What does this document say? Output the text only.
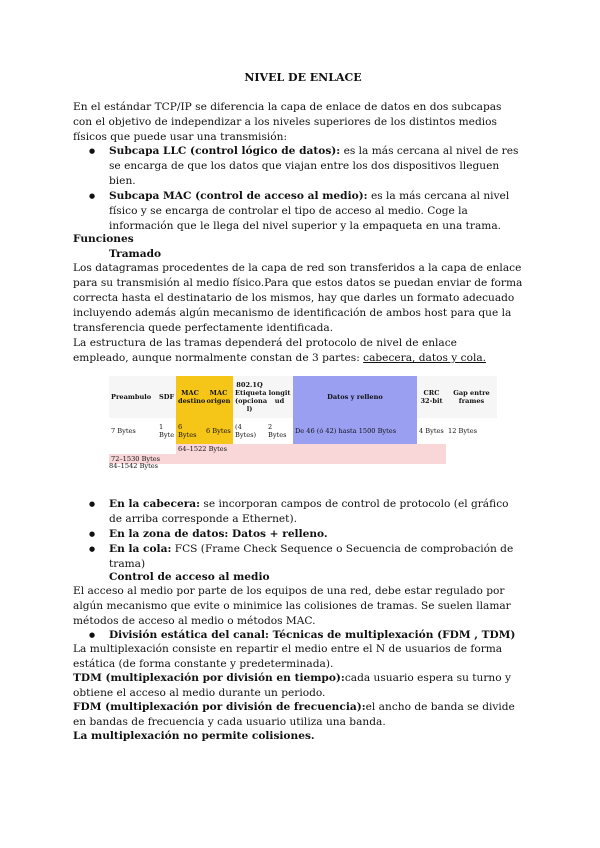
NIVEL DE ENLACE

En el estándar TCP/IP se diferencia la capa de enlace de datos en dos subcapas con el objetivo de independizar a los niveles superiores de los distintos medios físicos que puede usar una transmisión:

● Subcapa LLC (control lógico de datos): es la más cercana al nivel de res se encarga de que los datos que viajan entre los dos dispositivos lleguen bien.
● Subcapa MAC (control de acceso al medio): es la más cercana al nivel físico y se encarga de controlar el tipo de acceso al medio. Coge la información que le llega del nivel superior y la empaqueta en una trama.

Funciones

Tramado

Los datagramas procedentes de la capa de red son transferidos a la capa de enlace para su transmisión al medio físico.Para que estos datos se puedan enviar de forma correcta hasta el destinatario de los mismos, hay que darles un formato adecuado incluyendo además algún mecanismo de identificación de ambos host para que la transferencia quede perfectamente identificada.

La estructura de las tramas dependerá del protocolo de nivel de enlace empleado, aunque normalmente constan de 3 partes: cabecera, datos y cola.

Preambulo	SDF	MAC destino	MAC origen	802.1Q Etiqueta (opciona l)	longit ud	Datos y relleno	CRC 32-bit	Gap entre frames
7 Bytes	1 Byte	6 Bytes	6 Bytes	(4 Bytes)	2 Bytes	De 46 (ó 42) hasta 1500 Bytes	4 Bytes	12 Bytes
		64–1522 Bytes						
72–1530 Bytes								
84–1542 Bytes
● En la cabecera: se incorporan campos de control de protocolo (el gráfico de arriba corresponde a Ethernet).
● En la zona de datos: Datos + relleno.
● En la cola: FCS (Frame Check Sequence o Secuencia de comprobación de trama)

Control de acceso al medio

El acceso al medio por parte de los equipos de una red, debe estar regulado por algún mecanismo que evite o minimice las colisiones de tramas. Se suelen llamar métodos de acceso al medio o métodos MAC.

● División estática del canal: Técnicas de multiplexación (FDM , TDM)

La multiplexación consiste en repartir el medio entre el N de usuarios de forma estática (de forma constante y predeterminada).

TDM (multiplexación por división en tiempo):cada usuario espera su turno y obtiene el acceso al medio durante un periodo.

FDM (multiplexación por división de frecuencia):el ancho de banda se divide en bandas de frecuencia y cada usuario utiliza una banda.

La multiplexación no permite colisiones.
